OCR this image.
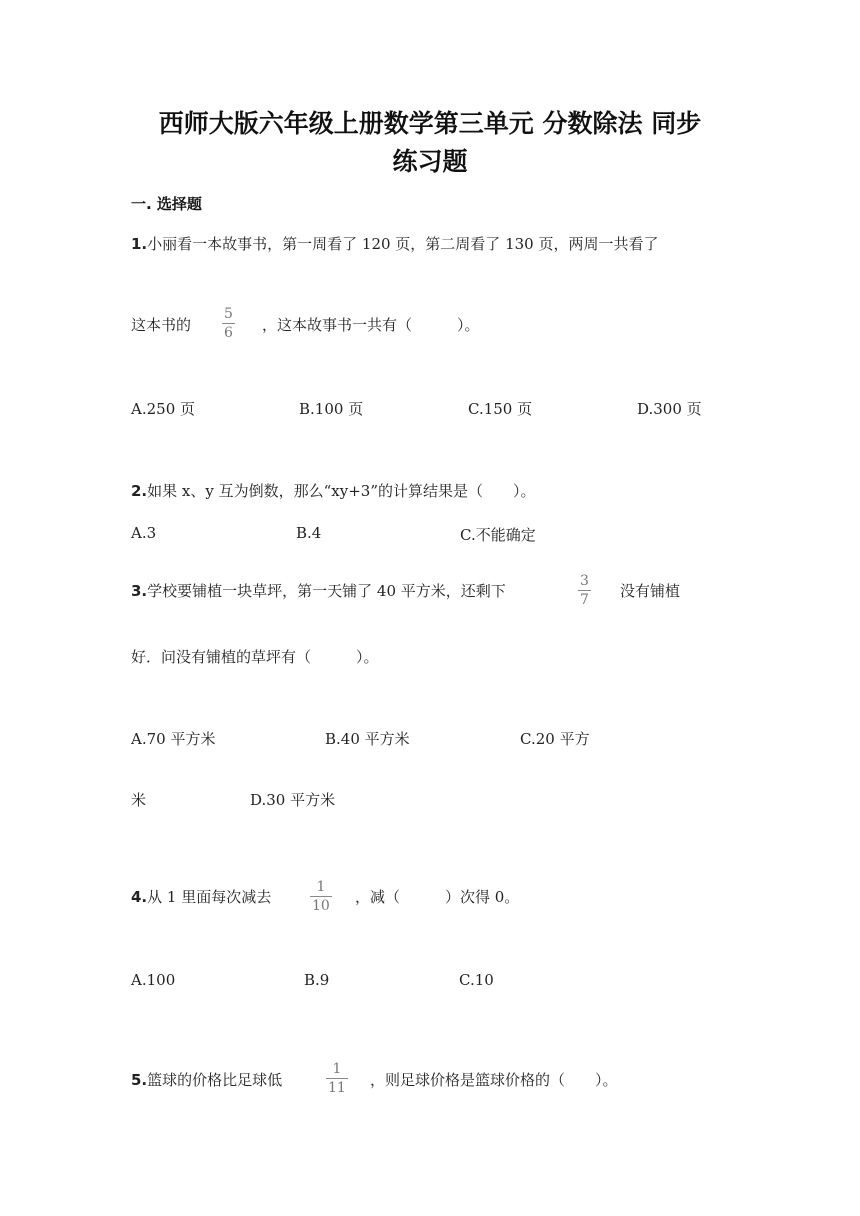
西师大版六年级上册数学第三单元 分数除法 同步
练习题
一. 选择题
1.小丽看一本故事书，第一周看了 120 页，第二周看了 130 页，两周一共看了
这本书的
5
6 ，这本故事书一共有（　　　）。
A.250 页	B.100 页	C.150 页	D.300 页
2.如果 x、y 互为倒数，那么“xy+3”的计算结果是（　　）。
A.3	B.4	C.不能确定
3.学校要铺植一块草坪，第一天铺了 40 平方米，还剩下
3
7 没有铺植
好．问没有铺植的草坪有（　　　）。
A.70 平方米	B.40 平方米	C.20 平方
米	D.30 平方米
4.从 1 里面每次减去
1
10 ，减（　　　）次得 0。
A.100	B.9	C.10
5.篮球的价格比足球低
1
11 ，则足球价格是篮球价格的（　　）。
